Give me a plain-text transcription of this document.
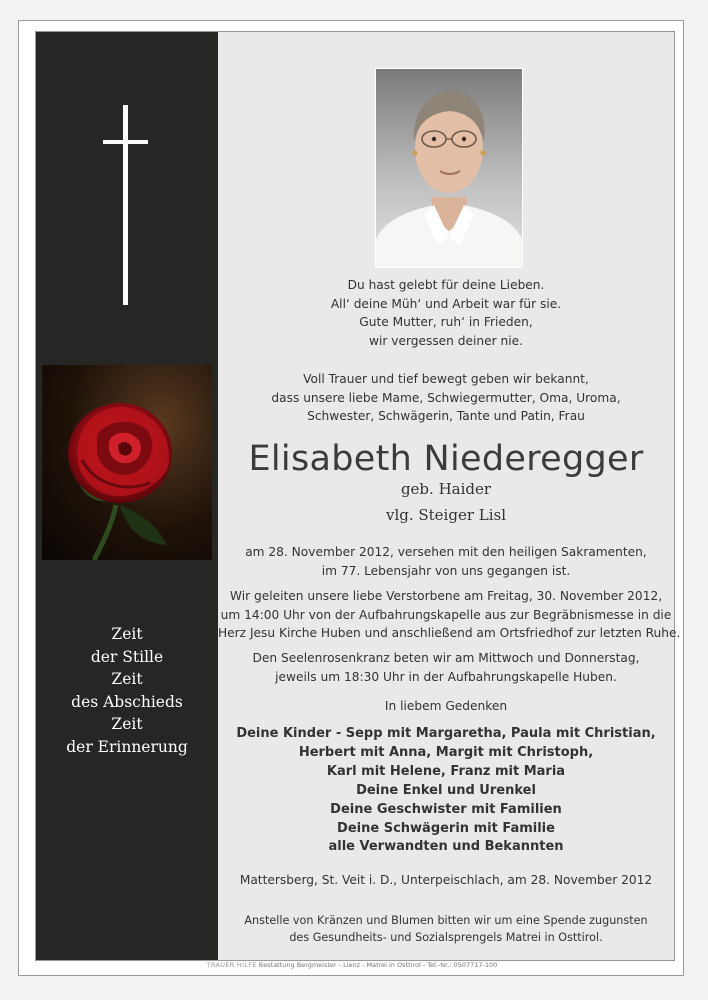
Zeit
der Stille
Zeit
des Abschieds
Zeit
der Erinnerung
Du hast gelebt für deine Lieben.
All‘ deine Müh‘ und Arbeit war für sie.
Gute Mutter, ruh‘ in Frieden,
wir vergessen deiner nie.
Voll Trauer und tief bewegt geben wir bekannt,
dass unsere liebe Mame, Schwiegermutter, Oma, Uroma,
Schwester, Schwägerin, Tante und Patin, Frau
Elisabeth Niederegger
geb. Haider
vlg. Steiger Lisl
am 28. November 2012, versehen mit den heiligen Sakramenten,
im 77. Lebensjahr von uns gegangen ist.
Wir geleiten unsere liebe Verstorbene am Freitag, 30. November 2012,
um 14:00 Uhr von der Aufbahrungskapelle aus zur Begräbnismesse in die
Herz Jesu Kirche Huben und anschließend am Ortsfriedhof zur letzten Ruhe.
Den Seelenrosenkranz beten wir am Mittwoch und Donnerstag,
jeweils um 18:30 Uhr in der Aufbahrungskapelle Huben.
In liebem Gedenken
Deine Kinder - Sepp mit Margaretha, Paula mit Christian,
Herbert mit Anna, Margit mit Christoph,
Karl mit Helene, Franz mit Maria
Deine Enkel und Urenkel
Deine Geschwister mit Familien
Deine Schwägerin mit Familie
alle Verwandten und Bekannten
Mattersberg, St. Veit i. D., Unterpeischlach, am 28. November 2012
Anstelle von Kränzen und Blumen bitten wir um eine Spende zugunsten
des Gesundheits- und Sozialsprengels Matrei in Osttirol.
TRAUER HILFE Bestattung Bergmeister - Lienz - Matrei in Osttirol - Tel.-Nr.: 0507717-100
